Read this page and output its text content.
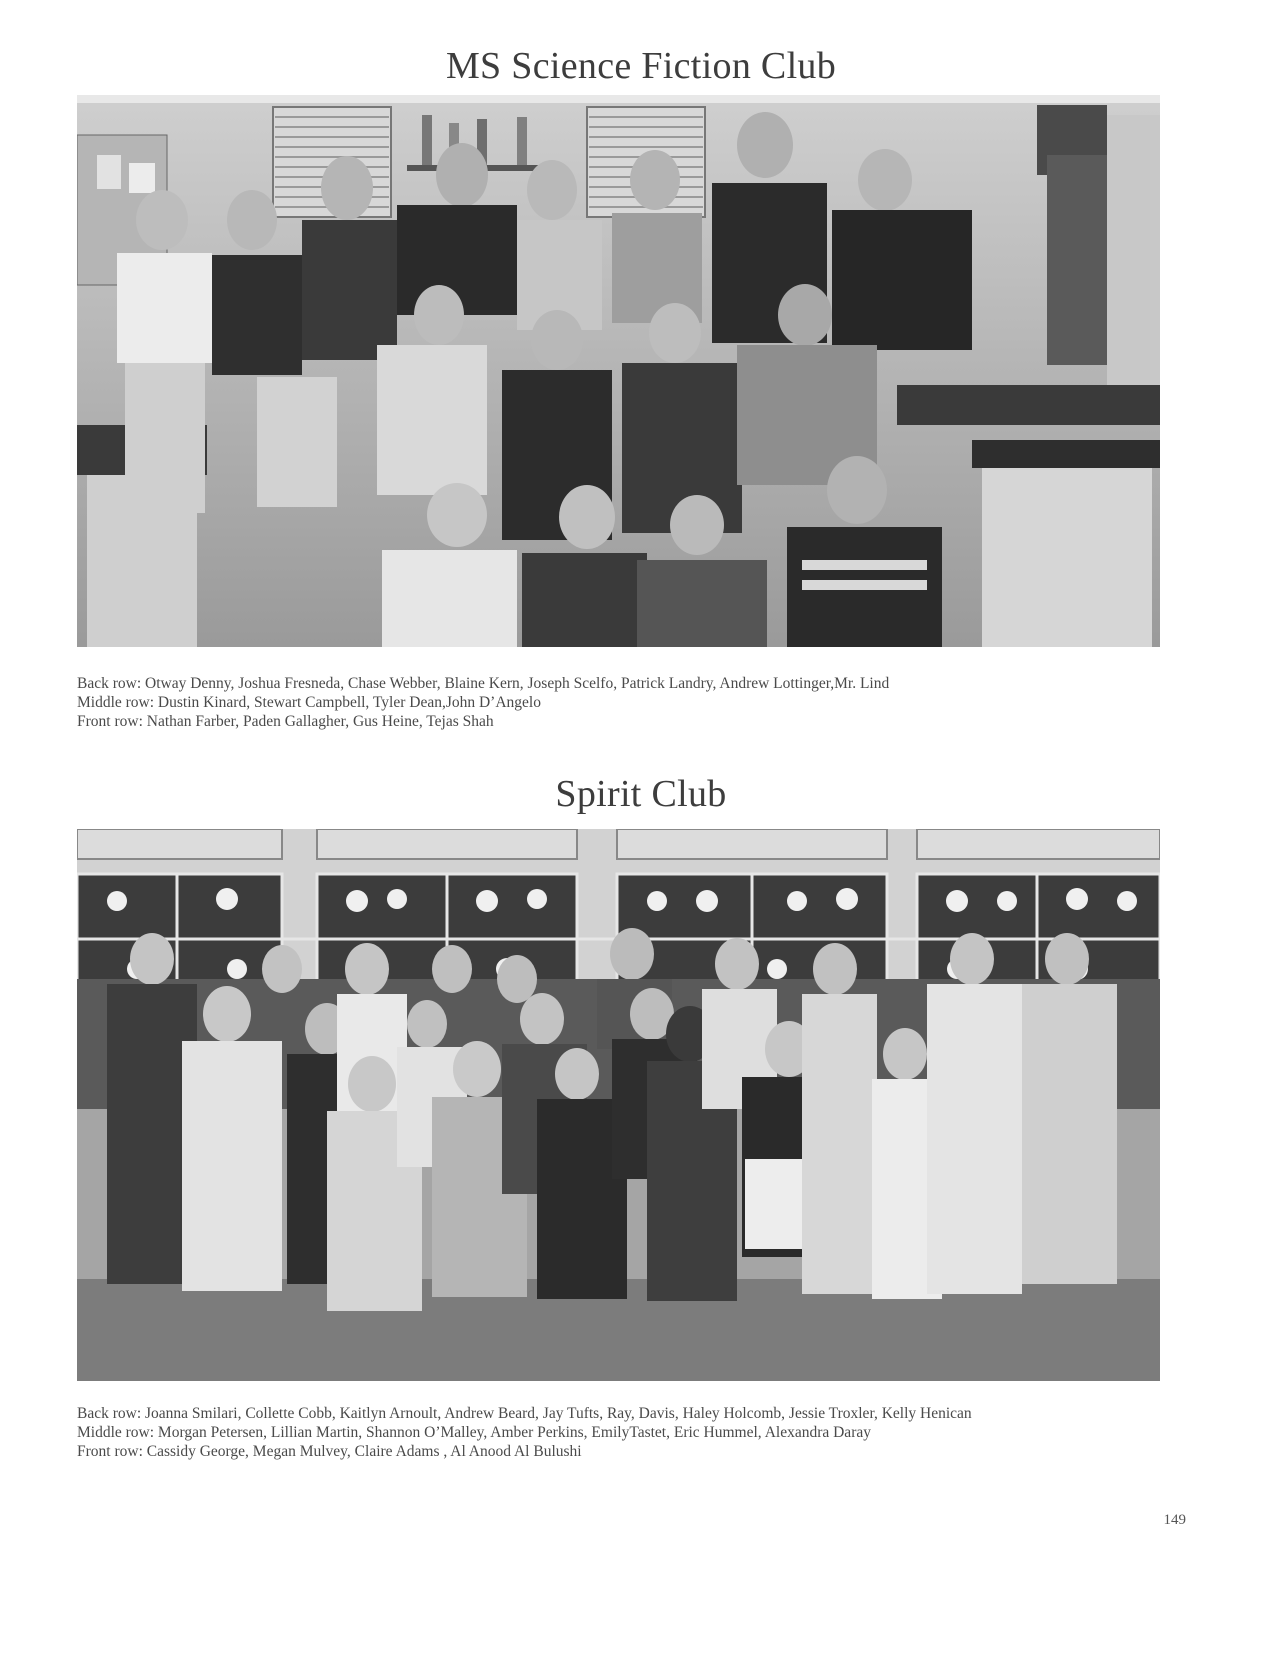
MS Science Fiction Club
Back row: Otway Denny, Joshua Fresneda, Chase Webber, Blaine Kern, Joseph Scelfo, Patrick Landry, Andrew Lottinger,Mr. Lind
Middle row: Dustin Kinard, Stewart Campbell, Tyler Dean,John D’Angelo
Front row: Nathan Farber, Paden Gallagher, Gus Heine, Tejas Shah
Spirit Club
Back row: Joanna Smilari, Collette Cobb, Kaitlyn Arnoult, Andrew Beard, Jay Tufts, Ray, Davis, Haley Holcomb, Jessie Troxler, Kelly Henican
Middle row: Morgan Petersen, Lillian Martin, Shannon O’Malley, Amber Perkins, EmilyTastet, Eric Hummel, Alexandra Daray
Front row: Cassidy George, Megan Mulvey, Claire Adams , Al Anood Al Bulushi
149
